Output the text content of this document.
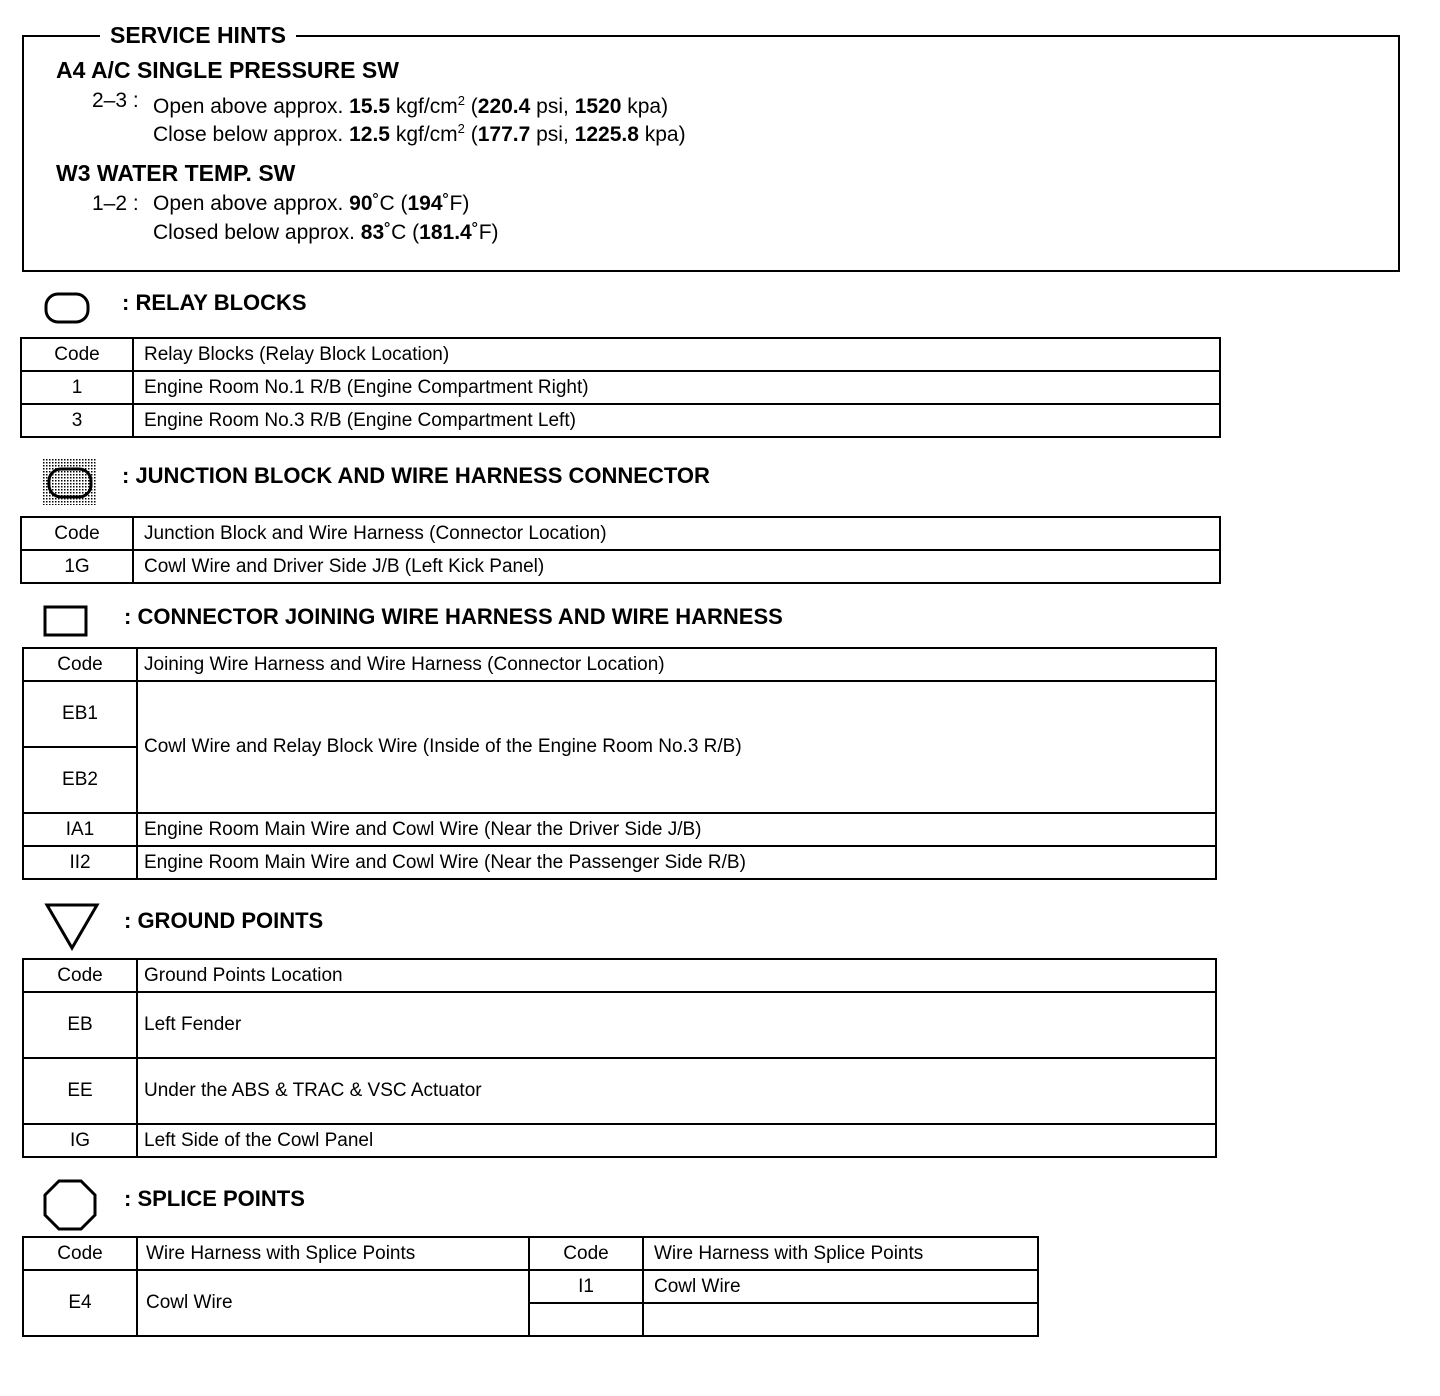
SERVICE HINTS
A4 A/C SINGLE PRESSURE SW
2–3 : Open above approx. 15.5 kgf/$cm^2$ (220.4 psi, 1520 kpa)
Close below approx. 12.5 kgf/$cm^2$ (177.7 psi, 1225.8 kpa)
W3 WATER TEMP. SW
1–2 : Open above approx. 90˚C (194˚F)
Closed below approx. 83˚C (181.4˚F)
: RELAY BLOCKS
Code	Relay Blocks (Relay Block Location)
1	Engine Room No.1 R/B (Engine Compartment Right)
3	Engine Room No.3 R/B (Engine Compartment Left)
: JUNCTION BLOCK AND WIRE HARNESS CONNECTOR
Code	Junction Block and Wire Harness (Connector Location)
1G	Cowl Wire and Driver Side J/B (Left Kick Panel)
: CONNECTOR JOINING WIRE HARNESS AND WIRE HARNESS
Code	Joining Wire Harness and Wire Harness (Connector Location)
EB1	Cowl Wire and Relay Block Wire (Inside of the Engine Room No.3 R/B)
EB2	
IA1	Engine Room Main Wire and Cowl Wire (Near the Driver Side J/B)
II2	Engine Room Main Wire and Cowl Wire (Near the Passenger Side R/B)
: GROUND POINTS
Code	Ground Points Location
EB	Left Fender
EE	Under the ABS & TRAC & VSC Actuator
IG	Left Side of the Cowl Panel
: SPLICE POINTS
Code	Wire Harness with Splice Points	Code	Wire Harness with Splice Points
E4	Cowl Wire	I1	Cowl Wire
